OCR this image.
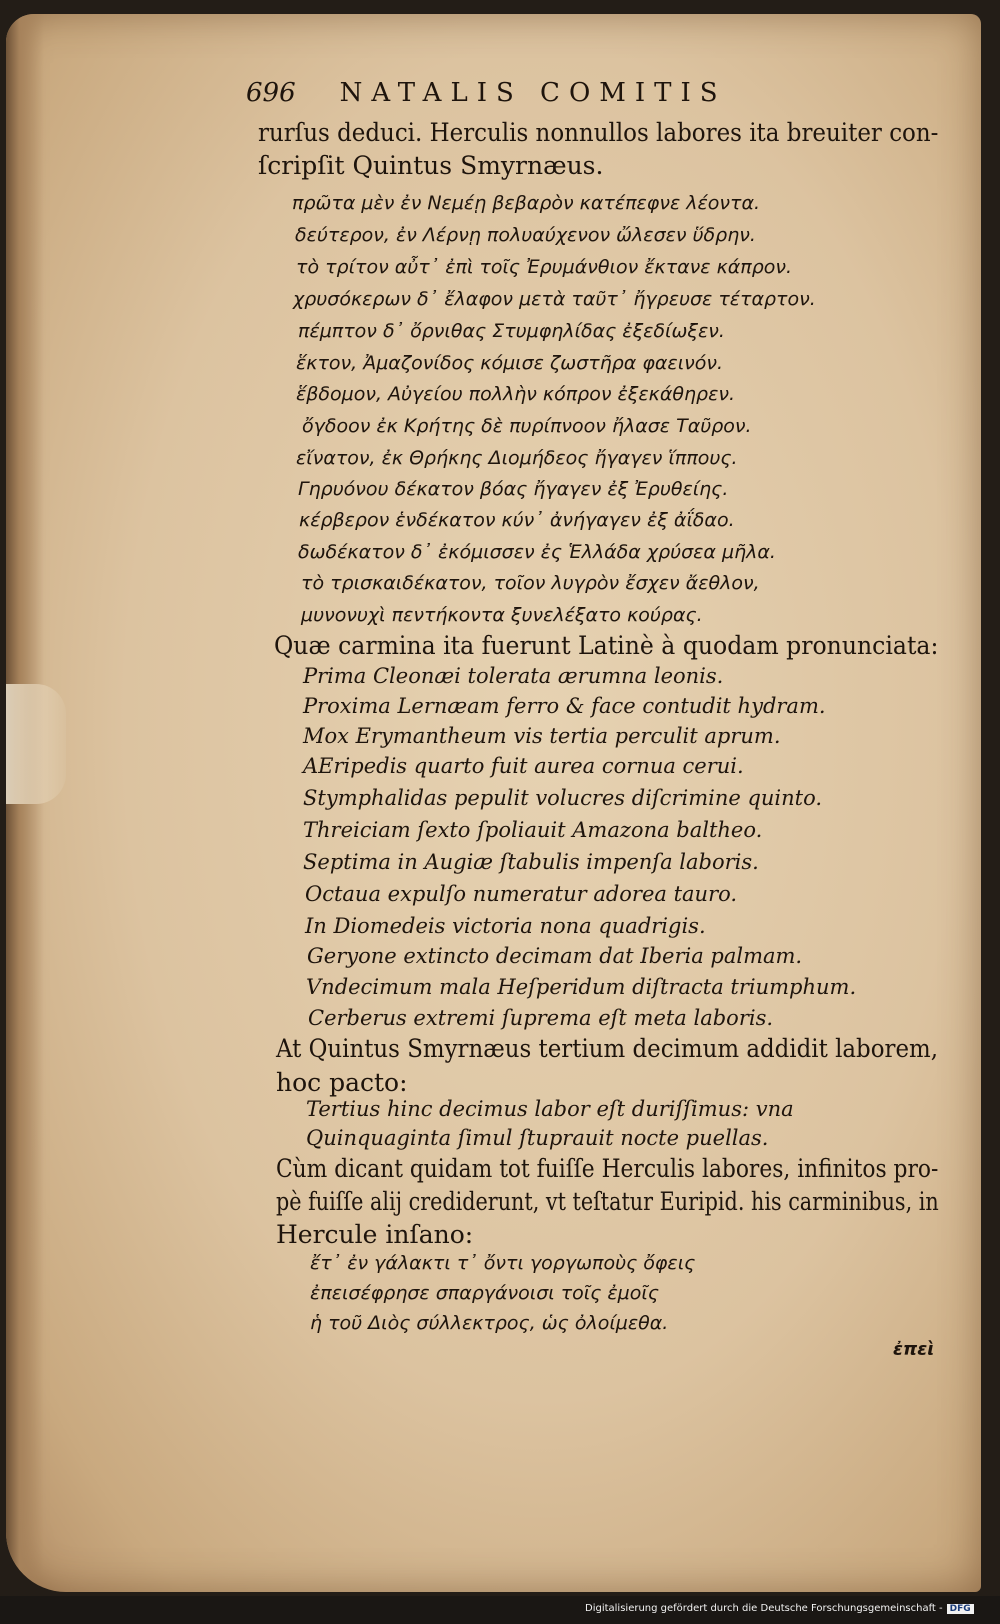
696 NATALIS COMITIS
rurſus deduci. Herculis nonnullos labores ita breuiter con-
ſcripſit Quintus Smyrnæus.
πρῶτα μὲν ἐν Νεμέῃ βεβαρὸν κατέπεφνε λέοντα.
δεύτερον, ἐν Λέρνῃ πολυαύχενον ὤλεσεν ὕδρην.
τὸ τρίτον αὖτ᾽ ἐπὶ τοῖς Ἐρυμάνθιον ἔκτανε κάπρον.
χρυσόκερων δ᾽ ἔλαφον μετὰ ταῦτ᾽ ἤγρευσε τέταρτον.
πέμπτον δ᾽ ὄρνιθας Στυμφηλίδας ἐξεδίωξεν.
ἕκτον, Ἀμαζονίδος κόμισε ζωστῆρα φαεινόν.
ἕβδομον, Αὐγείου πολλὴν κόπρον ἐξεκάθηρεν.
ὄγδοον ἐκ Κρήτης δὲ πυρίπνοον ἤλασε Ταῦρον.
εἴνατον, ἐκ Θρήκης Διομήδεος ἤγαγεν ἵππους.
Γηρυόνου δέκατον βόας ἤγαγεν ἐξ Ἐρυθείης.
κέρβερον ἑνδέκατον κύν᾽ ἀνήγαγεν ἐξ ἀΐδαο.
δωδέκατον δ᾽ ἐκόμισσεν ἐς Ἑλλάδα χρύσεα μῆλα.
τὸ τρισκαιδέκατον, τοῖον λυγρὸν ἔσχεν ἄεθλον,
μυνονυχὶ πεντήκοντα ξυνελέξατο κούρας.
Quæ carmina ita fuerunt Latinè à quodam pronunciata:
Prima Cleonæi tolerata ærumna leonis.
Proxima Lernæam ferro & face contudit hydram.
Mox Erymantheum vis tertia perculit aprum.
AEripedis quarto fuit aurea cornua cerui.
Stymphalidas pepulit volucres diſcrimine quinto.
Threiciam ſexto ſpoliauit Amazona baltheo.
Septima in Augiæ ſtabulis impenſa laboris.
Octaua expulſo numeratur adorea tauro.
In Diomedeis victoria nona quadrigis.
Geryone extincto decimam dat Iberia palmam.
Vndecimum mala Heſperidum diſtracta triumphum.
Cerberus extremi ſuprema eſt meta laboris.
At Quintus Smyrnæus tertium decimum addidit laborem,
hoc pacto:
Tertius hinc decimus labor eſt duriſſimus: vna
Quinquaginta ſimul ſtuprauit nocte puellas.
Cùm dicant quidam tot fuiſſe Herculis labores, infinitos pro-
pè fuiſſe alij crediderunt, vt teſtatur Euripid. his carminibus, in
Hercule inſano:
ἔτ᾽ ἐν γάλακτι τ᾽ ὄντι γοργωποὺς ὄφεις
ἐπεισέφρησε σπαργάνοισι τοῖς ἐμοῖς
ἡ τοῦ Διὸς σύλλεκτρος, ὡς ὀλοίμεθα.
ἐπεὶ
Digitalisierung gefördert durch die Deutsche Forschungsgemeinschaft - DFG
